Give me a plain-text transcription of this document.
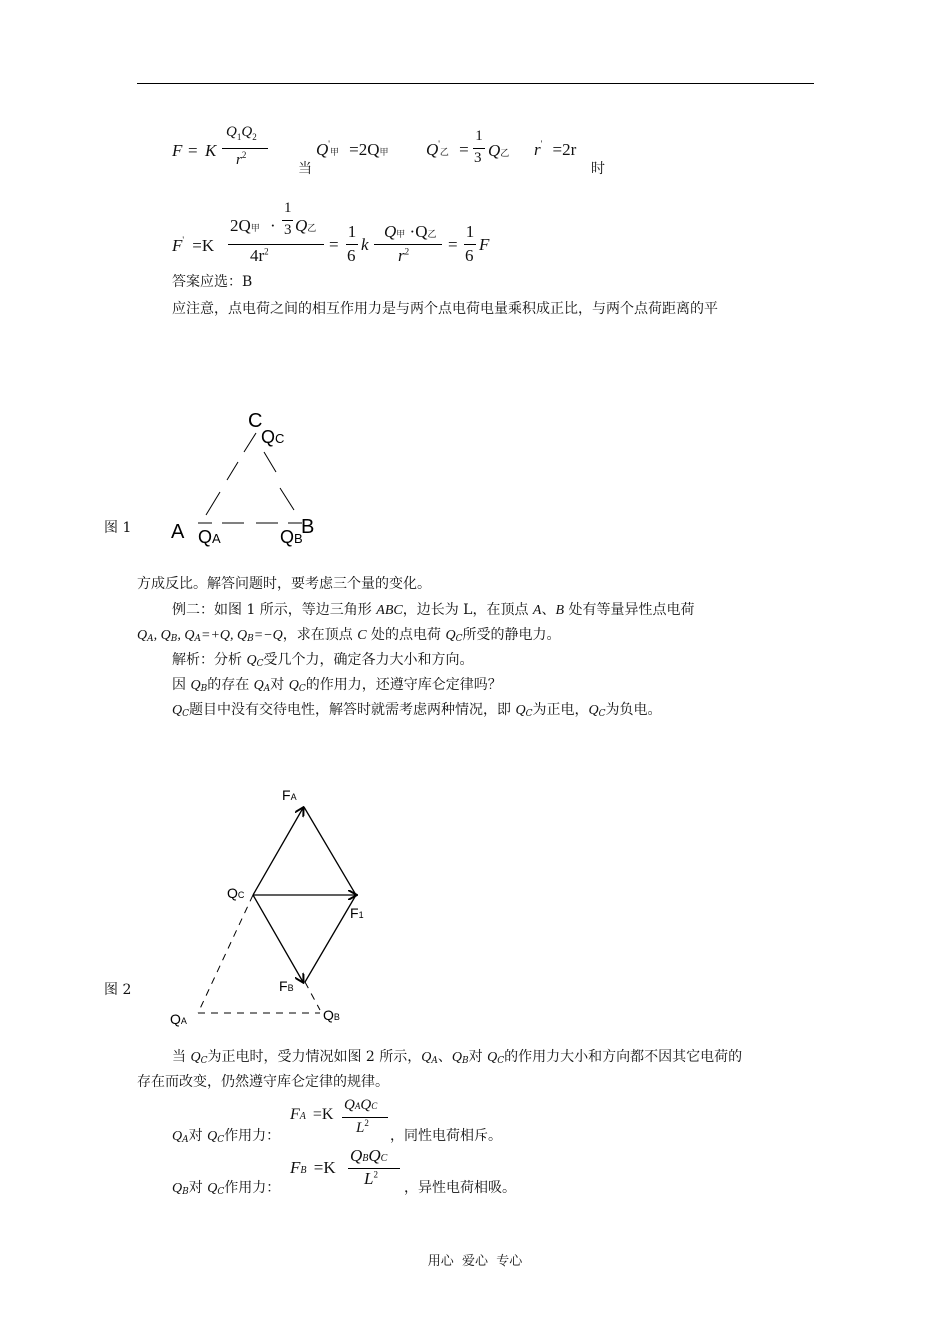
F = K
$Q_1Q_2$
$r^2$
当
Q'甲 =2Q甲 Q'乙 =
1
3 Q乙 r' =2r
时
F' =K
2Q甲 ·
1
3 Q乙
$4r^2$	=
1
6
k
Q甲 ·Q乙
$r^2$ =
1
6
F
答案应选：B
应注意，点电荷之间的相互作用力是与两个点电荷电量乘积成正比，与两个点荷距离的平
图 1
C
QC
A QA
B
QB
方成反比。解答问题时，要考虑三个量的变化。
例二：如图 1 所示，等边三角形 ABC，边长为 L，在顶点 A、B 处有等量异性点电荷
$Q_A$, $Q_B$, $Q_A=+Q$, $Q_B=-Q$，求在顶点 C 处的点电荷 $Q_C$所受的静电力。
解析：分析 $Q_C$受几个力，确定各力大小和方向。
因 $Q_B$的存在 $Q_A$对 $Q_C$的作用力，还遵守库仑定律吗？
$Q_C$题目中没有交待电性，解答时就需考虑两种情况，即 $Q_C$为正电，$Q_C$为负电。
图 2
FA
QC
F1
FB
QA	QB
当 $Q_C$为正电时，受力情况如图 2 所示，$Q_A$、$Q_B$对 $Q_C$的作用力大小和方向都不因其它电荷的
存在而改变，仍然遵守库仑定律的规律。
$Q_A$对 $Q_C$作用力：
FA =K
QAQC
$L^2$
，同性电荷相斥。
$Q_B$对 $Q_C$作用力：
FB =K
QBQC
$L^2$
，异性电荷相吸。
用心  爱心  专心
